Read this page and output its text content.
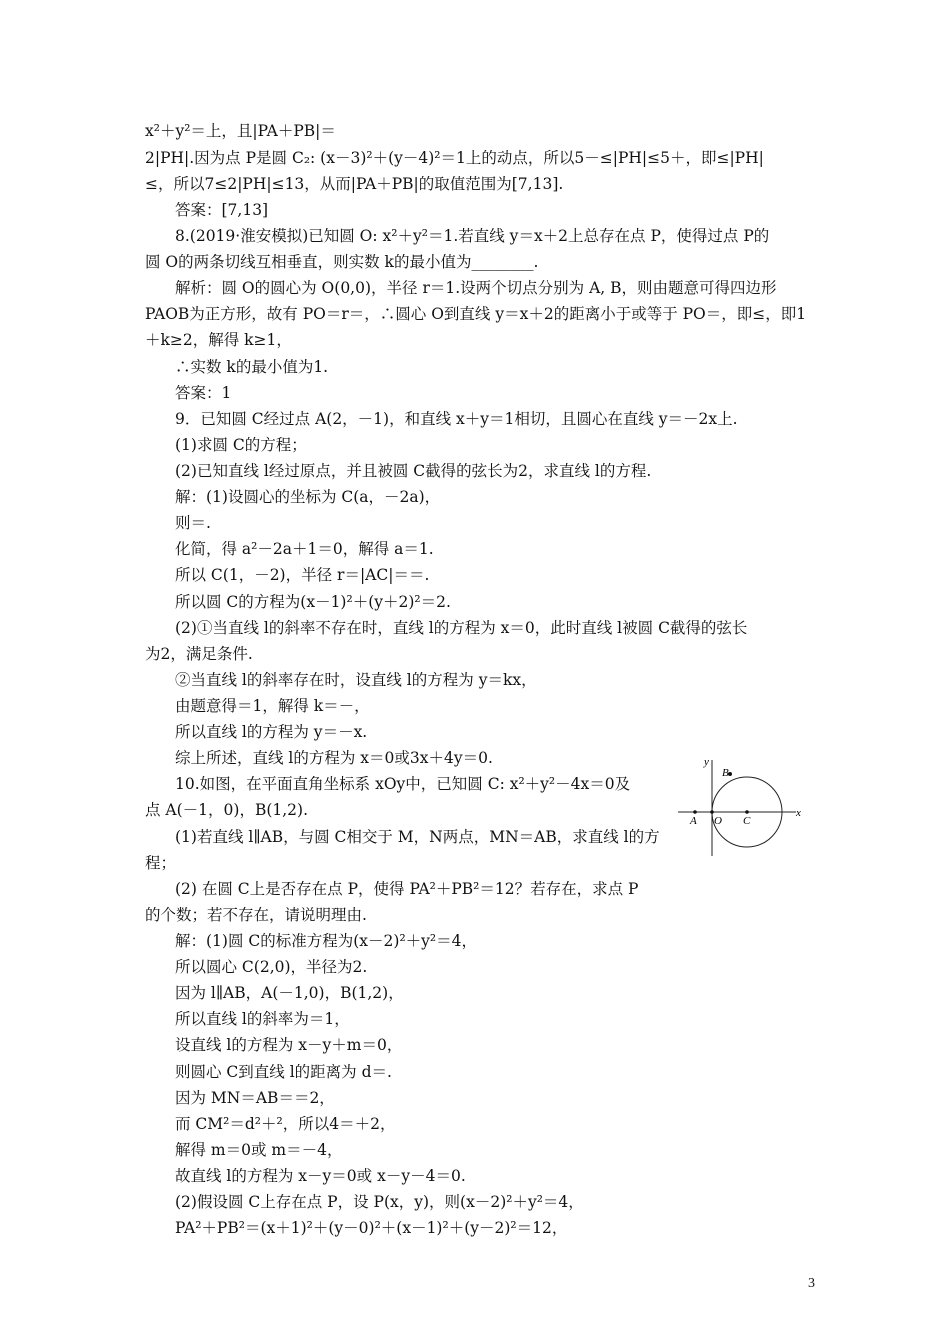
x²＋y²＝上，且|PA＋PB|＝
2|PH|.因为点 P是圆 C₂: (x－3)²＋(y－4)²＝1上的动点，所以5－≤|PH|≤5＋，即≤|PH|
≤，所以7≤2|PH|≤13，从而|PA＋PB|的取值范围为[7,13].
答案：[7,13]
8.(2019·淮安模拟)已知圆 O: x²＋y²＝1.若直线 y＝x＋2上总存在点 P，使得过点 P的
圆 O的两条切线互相垂直，则实数 k的最小值为________.
解析：圆 O的圆心为 O(0,0)，半径 r＝1.设两个切点分别为 A, B，则由题意可得四边形
PAOB为正方形，故有 PO＝r＝，∴圆心 O到直线 y＝x＋2的距离小于或等于 PO＝，即≤，即1
＋k≥2，解得 k≥1，
∴实数 k的最小值为1.
答案：1
9．已知圆 C经过点 A(2，－1)，和直线 x＋y＝1相切，且圆心在直线 y＝－2x上.
(1)求圆 C的方程；
(2)已知直线 l经过原点，并且被圆 C截得的弦长为2，求直线 l的方程.
解：(1)设圆心的坐标为 C(a，－2a)，
则＝.
化简，得 a²－2a＋1＝0，解得 a＝1.
所以 C(1，－2)，半径 r＝|AC|＝＝.
所以圆 C的方程为(x－1)²＋(y＋2)²＝2.
(2)①当直线 l的斜率不存在时，直线 l的方程为 x＝0，此时直线 l被圆 C截得的弦长
为2，满足条件.
②当直线 l的斜率存在时，设直线 l的方程为 y＝kx，
由题意得＝1，解得 k＝－，
所以直线 l的方程为 y＝－x.
综上所述，直线 l的方程为 x＝0或3x＋4y＝0.
10.如图，在平面直角坐标系 xOy中，已知圆 C: x²＋y²－4x＝0及
点 A(－1，0)，B(1,2).
(1)若直线 l∥AB，与圆 C相交于 M，N两点，MN＝AB，求直线 l的方
程；
(2) 在圆 C上是否存在点 P，使得 PA²＋PB²＝12？若存在，求点 P
的个数；若不存在，请说明理由.
解：(1)圆 C的标准方程为(x－2)²＋y²＝4，
所以圆心 C(2,0)，半径为2.
因为 l∥AB，A(－1,0)，B(1,2)，
所以直线 l的斜率为＝1，
设直线 l的方程为 x－y＋m＝0，
则圆心 C到直线 l的距离为 d＝.
因为 MN＝AB＝＝2，
而 CM²＝d²＋²，所以4＝＋2，
解得 m＝0或 m＝－4，
故直线 l的方程为 x－y＝0或 x－y－4＝0.
(2)假设圆 C上存在点 P，设 P(x，y)，则(x－2)²＋y²＝4，
PA²＋PB²＝(x＋1)²＋(y－0)²＋(x－1)²＋(y－2)²＝12，
y
x
O
A
B
C
3
